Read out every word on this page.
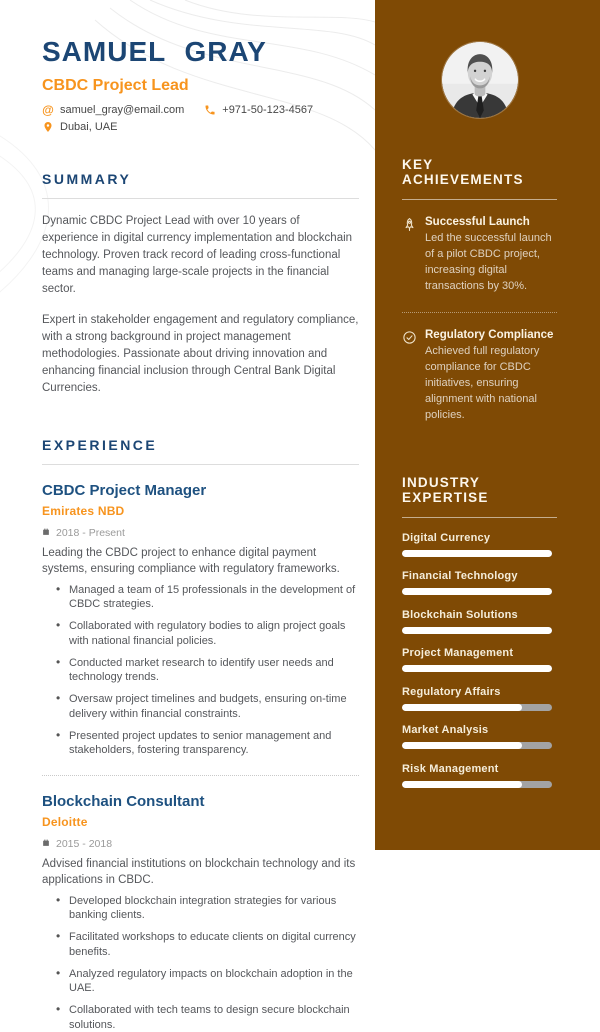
SAMUEL GRAY
CBDC Project Lead
@ samuel_gray@email.com	+971-50-123-4567
Dubai, UAE
SUMMARY

Dynamic CBDC Project Lead with over 10 years of experience in digital currency implementation and blockchain technology. Proven track record of leading cross-functional teams and managing large-scale projects in the financial sector.

Expert in stakeholder engagement and regulatory compliance, with a strong background in project management methodologies. Passionate about driving innovation and enhancing financial inclusion through Central Bank Digital Currencies.

EXPERIENCE
CBDC Project Manager
Emirates NBD
2018 - Present

Leading the CBDC project to enhance digital payment systems, ensuring compliance with regulatory frameworks.

• Managed a team of 15 professionals in the development of CBDC strategies.
• Collaborated with regulatory bodies to align project goals with national financial policies.
• Conducted market research to identify user needs and technology trends.
• Oversaw project timelines and budgets, ensuring on-time delivery within financial constraints.
• Presented project updates to senior management and stakeholders, fostering transparency.
Blockchain Consultant
Deloitte
2015 - 2018

Advised financial institutions on blockchain technology and its applications in CBDC.

• Developed blockchain integration strategies for various banking clients.
• Facilitated workshops to educate clients on digital currency benefits.
• Analyzed regulatory impacts on blockchain adoption in the UAE.
• Collaborated with tech teams to design secure blockchain solutions.
KEY ACHIEVEMENTS
Successful Launch
Led the successful launch of a pilot CBDC project, increasing digital transactions by 30%.
Regulatory Compliance
Achieved full regulatory compliance for CBDC initiatives, ensuring alignment with national policies.
INDUSTRY EXPERTISE
Digital Currency
Financial Technology
Blockchain Solutions
Project Management
Regulatory Affairs
Market Analysis
Risk Management
